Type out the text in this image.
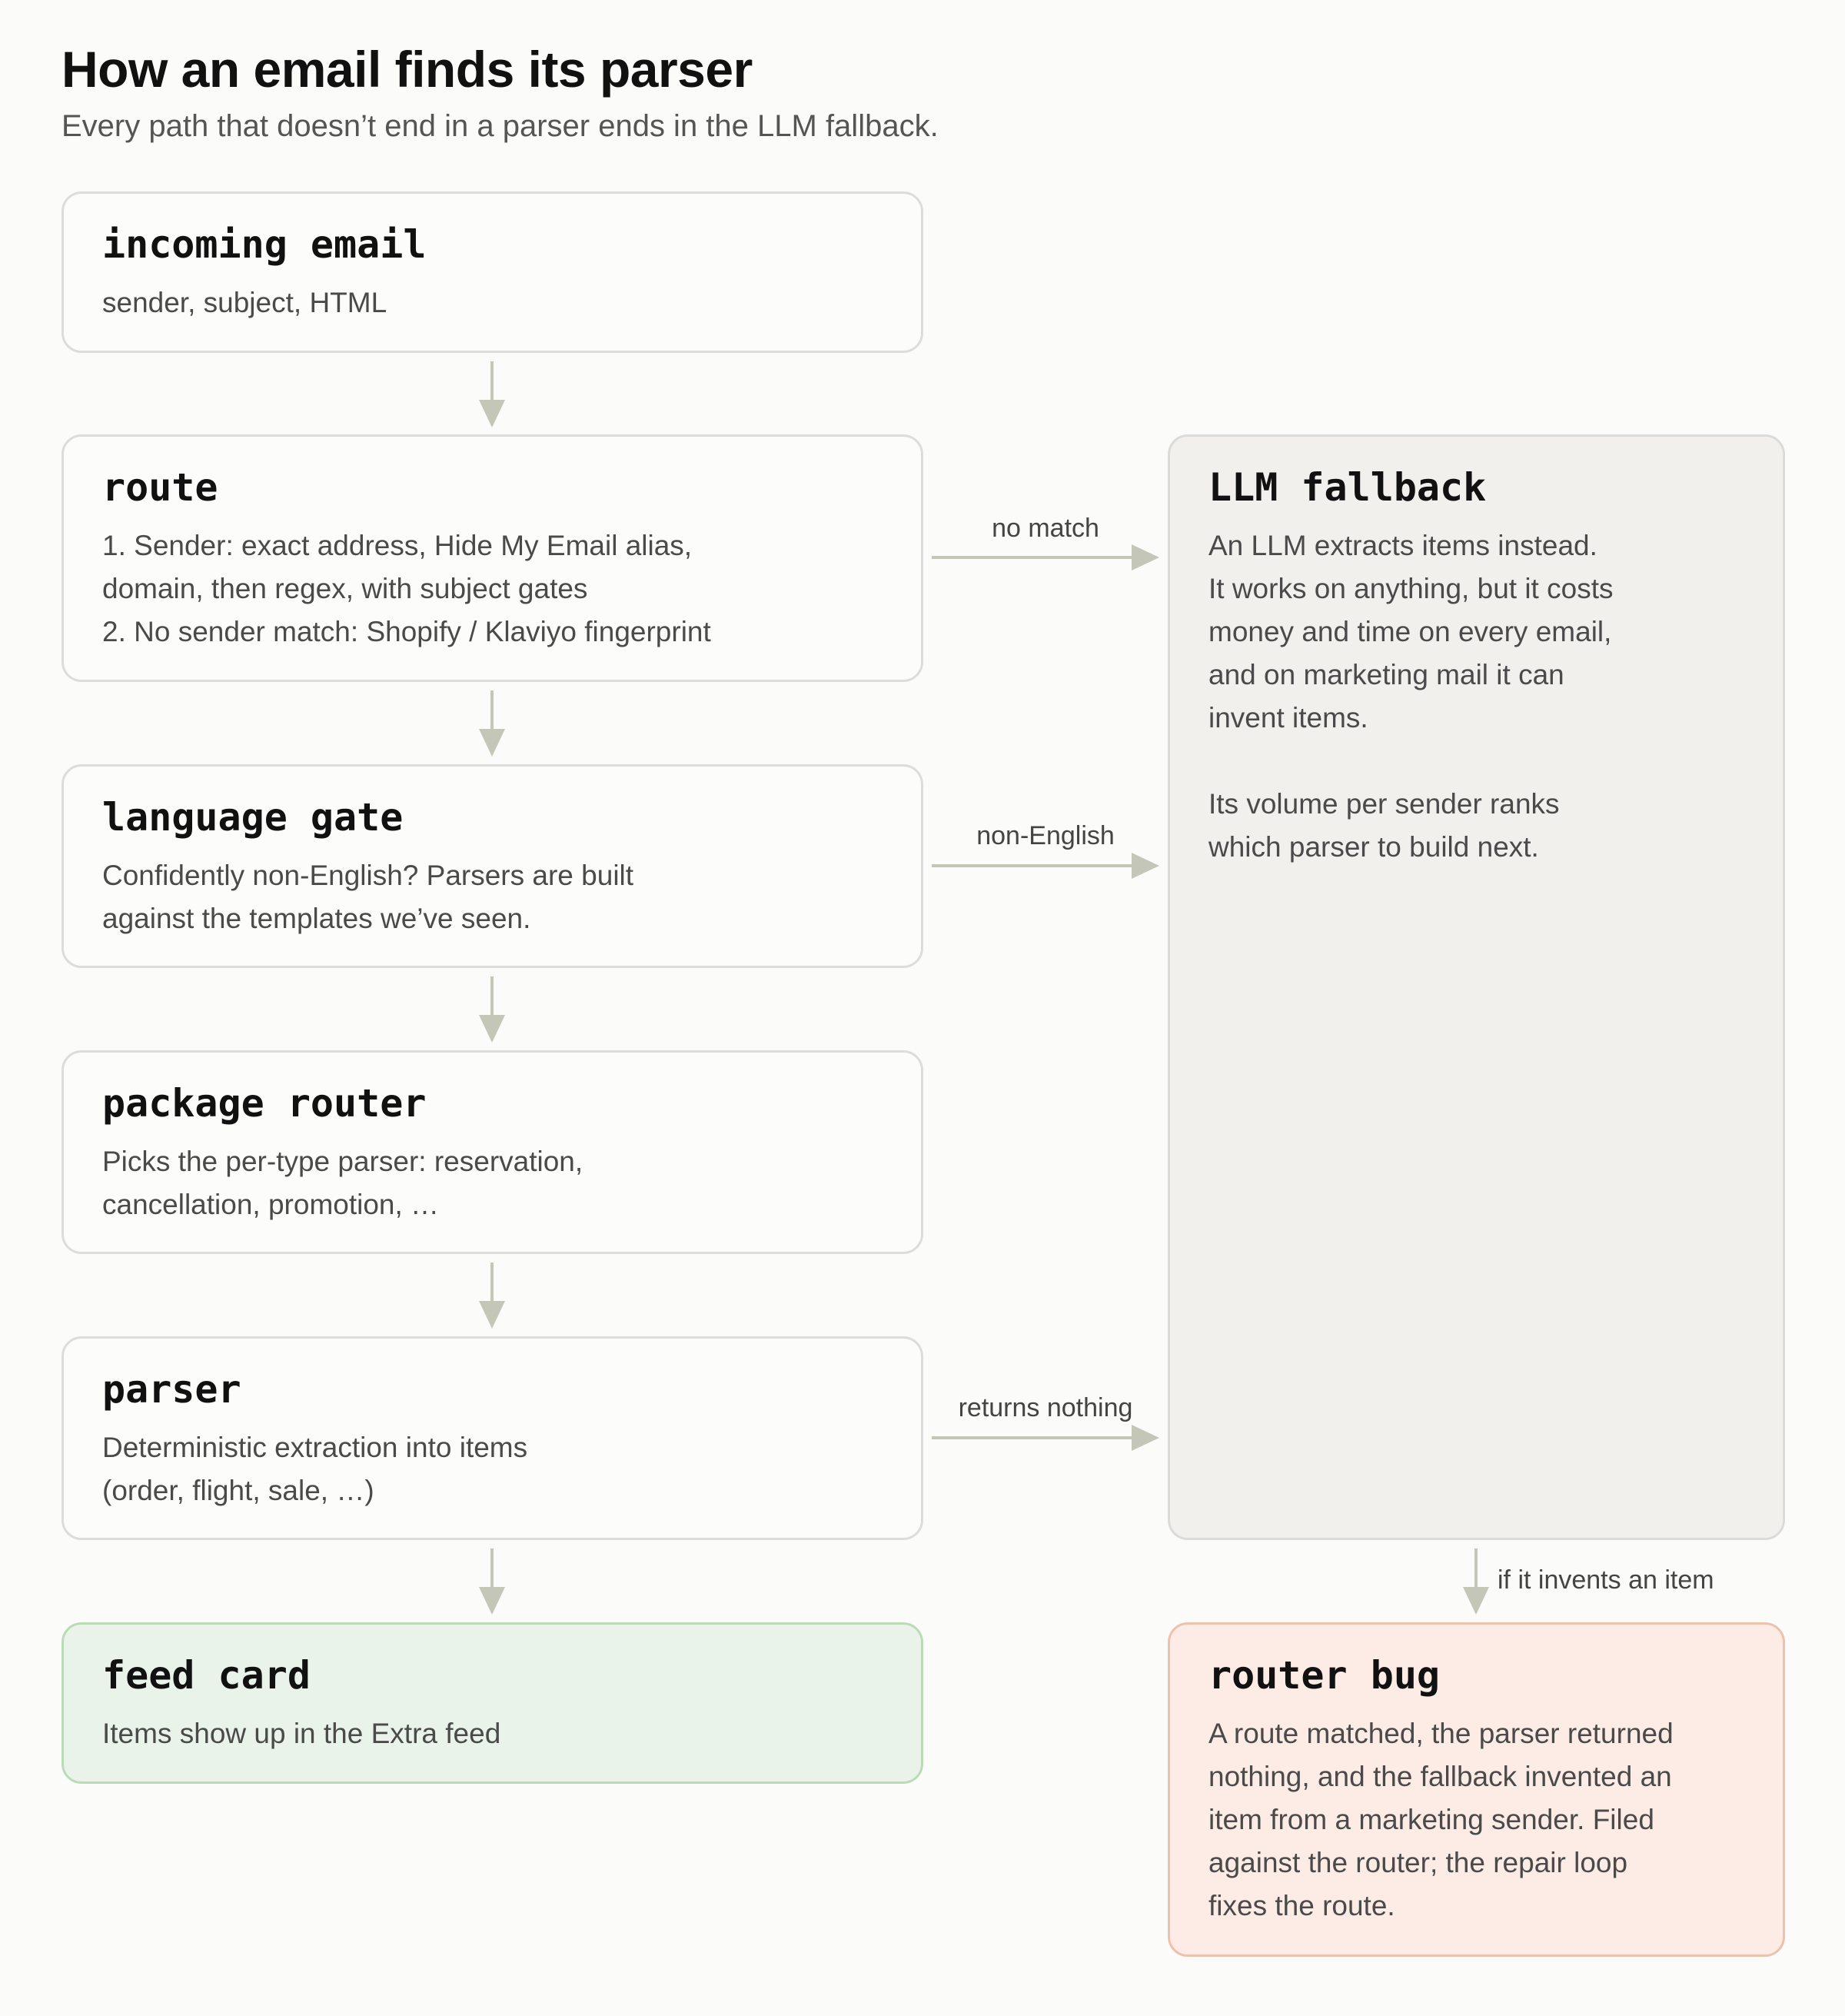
How an email finds its parser

Every path that doesn’t end in a parser ends in the LLM fallback.

incoming email

sender, subject, HTML

route

1. Sender: exact address, Hide My Email alias,
domain, then regex, with subject gates
2. No sender match: Shopify / Klaviyo fingerprint

language gate

Confidently non-English? Parsers are built
against the templates we’ve seen.

package router

Picks the per-type parser: reservation,
cancellation, promotion, …

parser

Deterministic extraction into items
(order, flight, sale, …)

feed card

Items show up in the Extra feed

LLM fallback

An LLM extracts items instead.
It works on anything, but it costs
money and time on every email,
and on marketing mail it can
invent items.

Its volume per sender ranks
which parser to build next.

router bug

A route matched, the parser returned
nothing, and the fallback invented an
item from a marketing sender. Filed
against the router; the repair loop
fixes the route.

no match
non-English
returns nothing
if it invents an item
